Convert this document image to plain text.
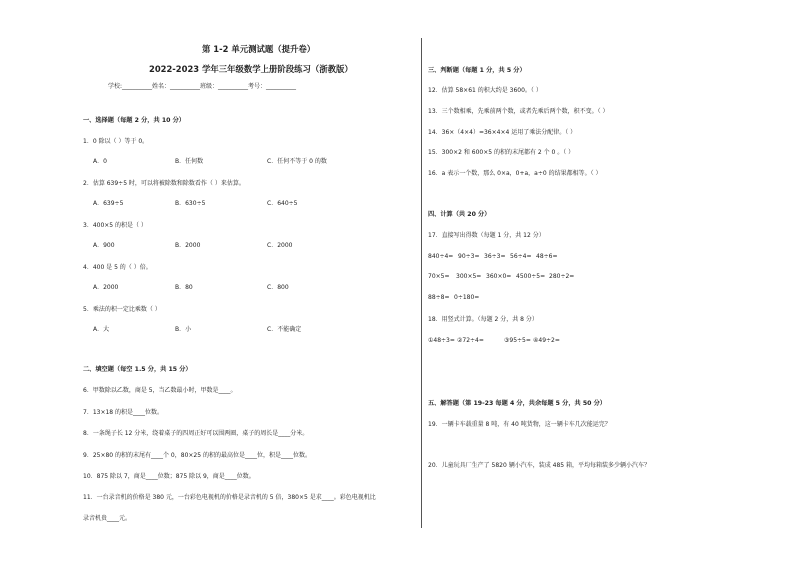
第 1-2 单元测试题（提升卷）
2022-2023 学年三年级数学上册阶段练习（浙教版）
学校:__________姓名：__________班级：__________考号：__________
一、选择题（每题 2 分，共 10 分）
1．0 除以（ ）等于 0。
A．0	B．任何数	C．任何不等于 0 的数
2．估算 639÷5 时，可以将被除数和除数看作（ ）来估算。
A．639÷5	B．630÷5	C．640÷5
3．400×5 的积是（ ）
A．900	B．2000	C．2000
4．400 是 5 的（ ）倍。
A．2000	B．80	C．800
5．乘法的积一定比乘数（ ）
A．大	B．小	C．不能确定
二、填空题（每空 1.5 分，共 15 分）
6．甲数除以乙数，商是 5，当乙数最小时，甲数是____。
7．13×18 的积是____位数。
8．一条绳子长 12 分米，绕着桌子的四周正好可以围两圈，桌子的周长是____分米。
9．25×80 的积的末尾有____个 0，80×25 的积的最高位是____位，积是____位数。
10．875 除以 7，商是____位数；875 除以 9，商是____位数。
11．一台录音机的价格是 380 元，一台彩色电视机的价格是录音机的 5 倍，380×5 是求____。彩色电视机比
录音机贵____元。
三、判断题（每题 1 分，共 5 分）
12．估算 58×61 的积大约是 3600。（ ）
13．三个数相乘，先乘前两个数，或者先乘后两个数，积不变。（ ）
14．36×（4×4）=36×4×4 运用了乘法分配律。（ ）
15．300×2 和 600×5 的积的末尾都有 2 个 0 。（ ）
16．a 表示一个数，那么 0×a，0+a，a÷0 的结果都相等。（ ）
四、计算（共 20 分）
17．直接写出得数（每题 1 分，共 12 分）
840÷4= 90÷3= 36÷3= 56÷4= 48÷6=
70×5= 300×5= 360×0= 4500÷5= 280÷2=
88÷8= 0÷180=
18．用竖式计算。（每题 2 分，共 8 分）
①48÷3= ②72÷4=	③95÷5= ④49÷2=
五、解答题（第 19-23 每题 4 分，共余每题 5 分，共 50 分）
19．一辆卡车载重量 8 吨，有 40 吨货物，这一辆卡车几次能运完？
20．儿童玩具厂生产了 5820 辆小汽车，装成 485 箱，平均每箱装多少辆小汽车？
